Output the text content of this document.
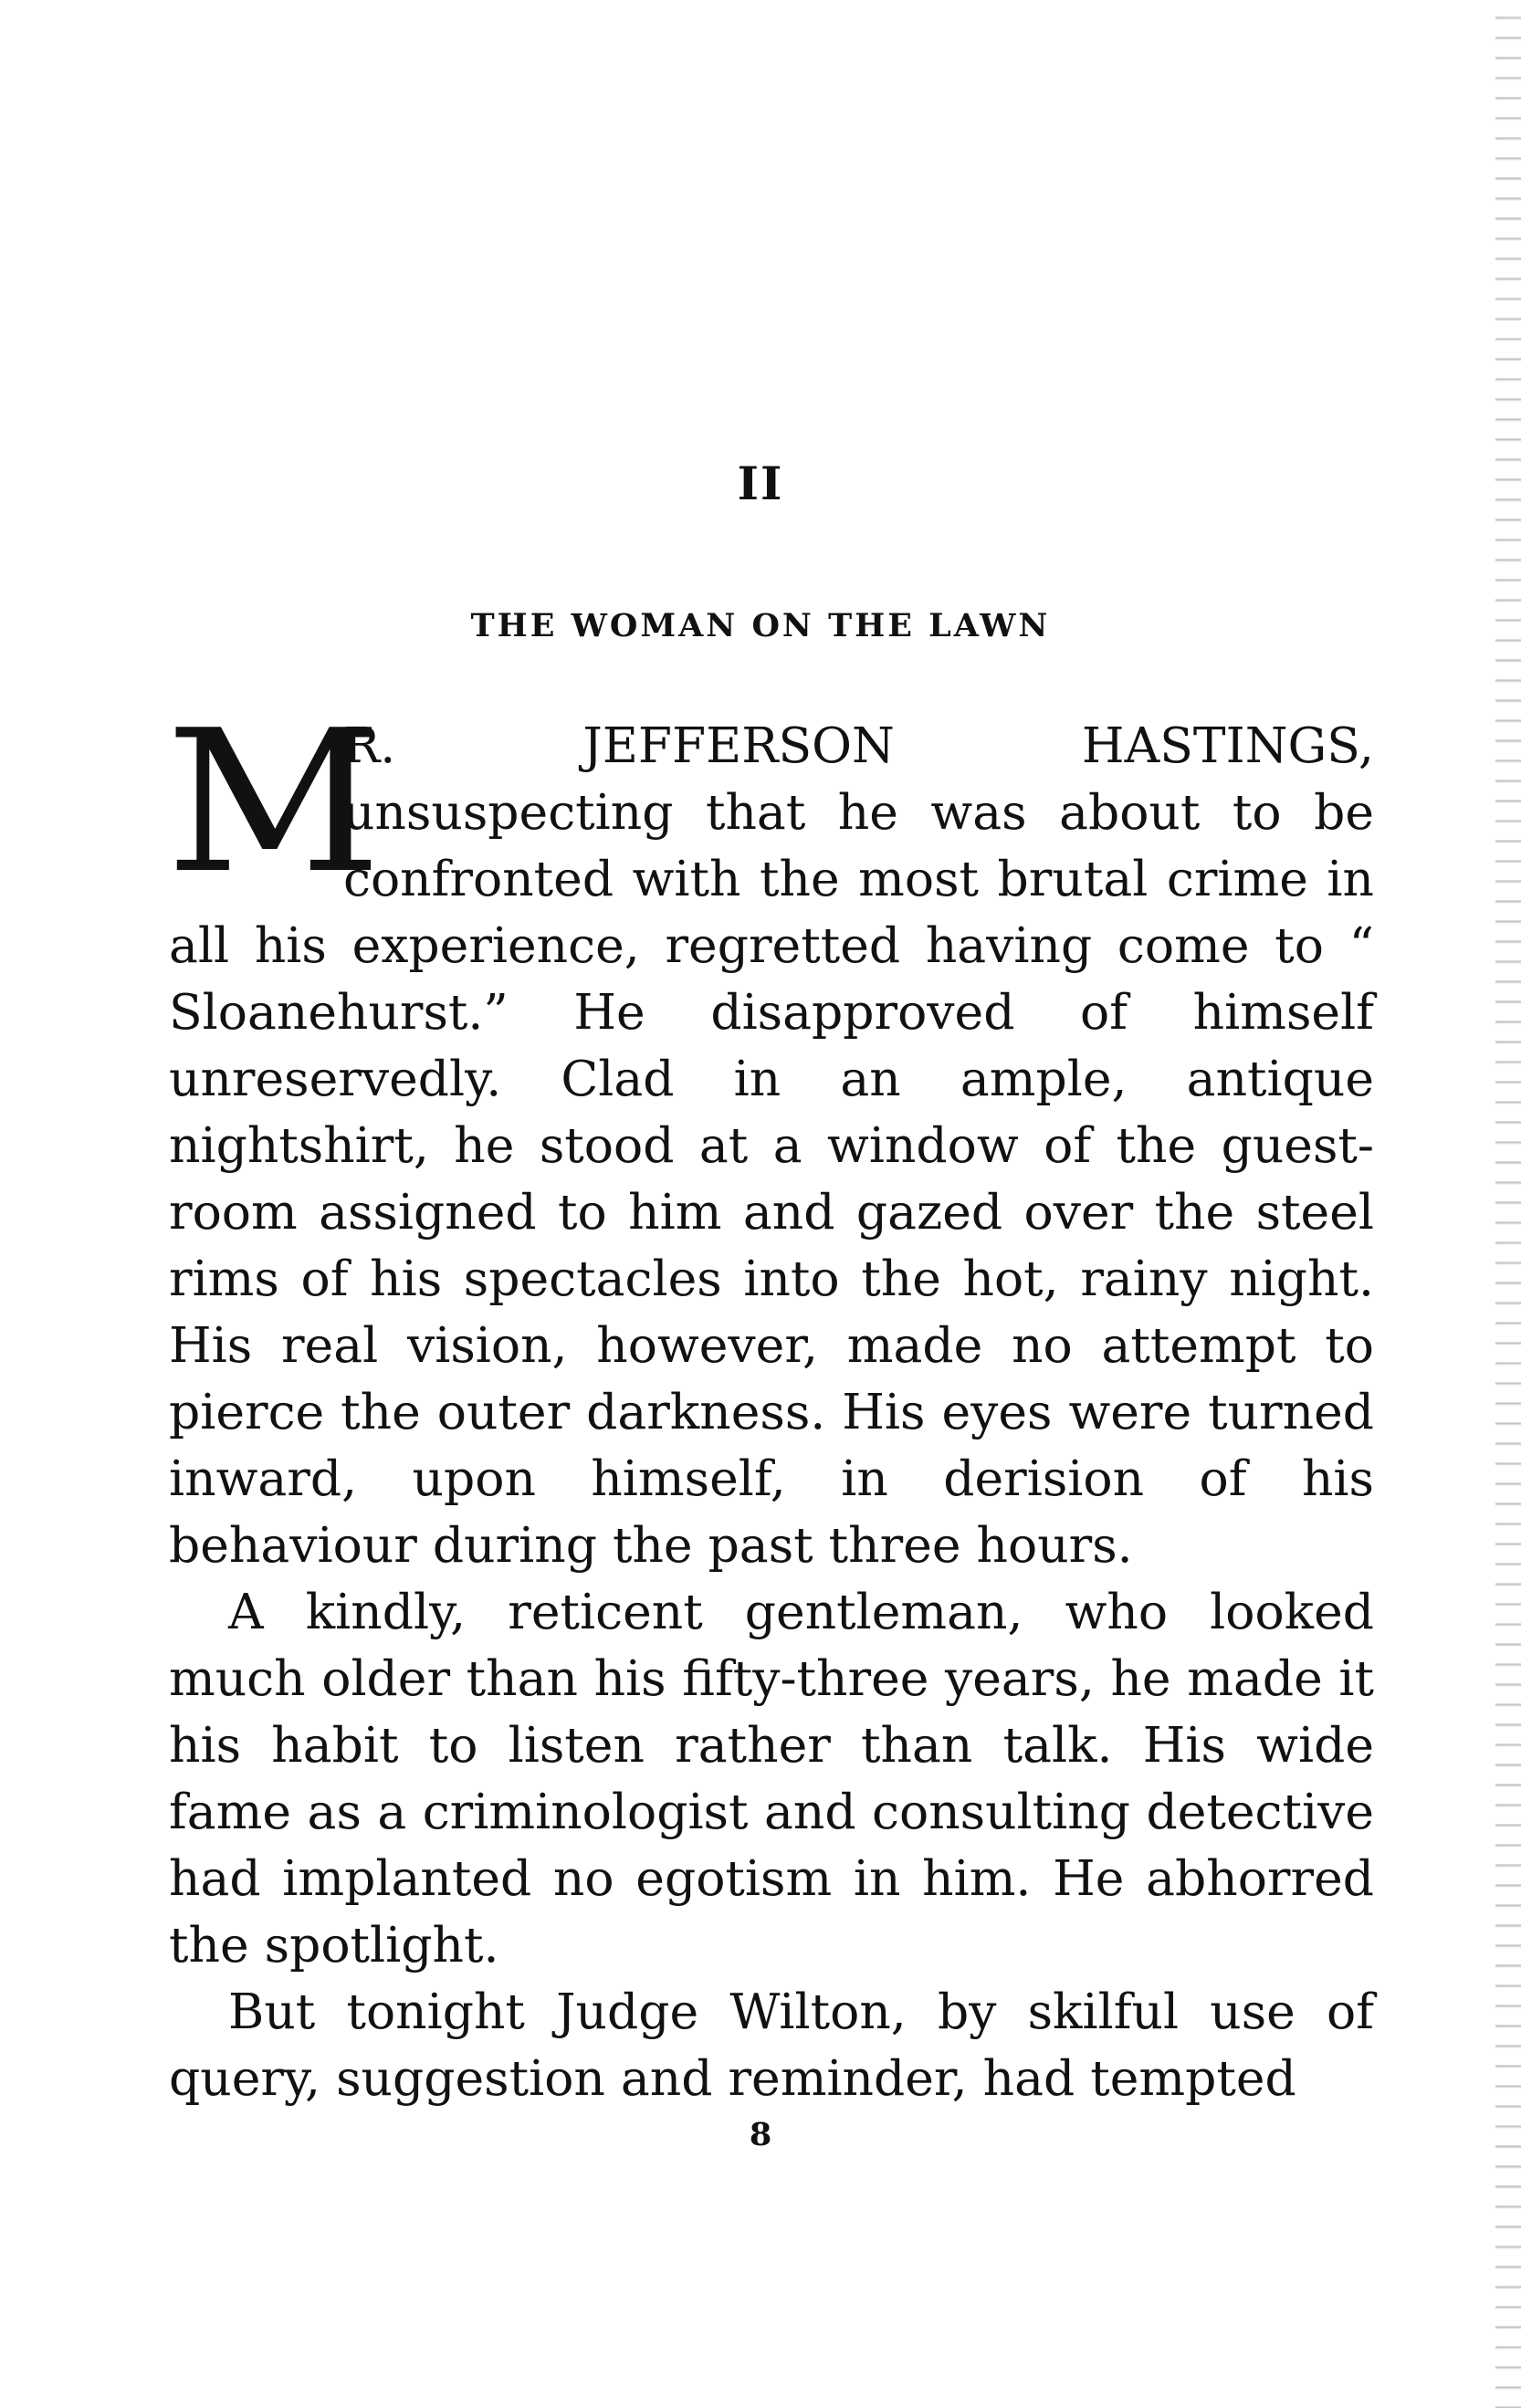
II
THE WOMAN ON THE LAWN

M
R. JEFFERSON HASTINGS, unsuspecting that he was about to be confronted with the most brutal crime in all his experience, regretted having come to “ Sloanehurst.” He disapproved of himself unreservedly. Clad in an ample, antique nightshirt, he stood at a window of the guest-room assigned to him and gazed over the steel rims of his spectacles into the hot, rainy night. His real vision, however, made no attempt to pierce the outer darkness. His eyes were turned inward, upon himself, in derision of his behaviour during the past three hours.

A kindly, reticent gentleman, who looked much older than his fifty-three years, he made it his habit to listen rather than talk. His wide fame as a criminologist and consulting detective had implanted no egotism in him. He abhorred the spotlight.

But tonight Judge Wilton, by skilful use of query, suggestion and reminder, had tempted

8
